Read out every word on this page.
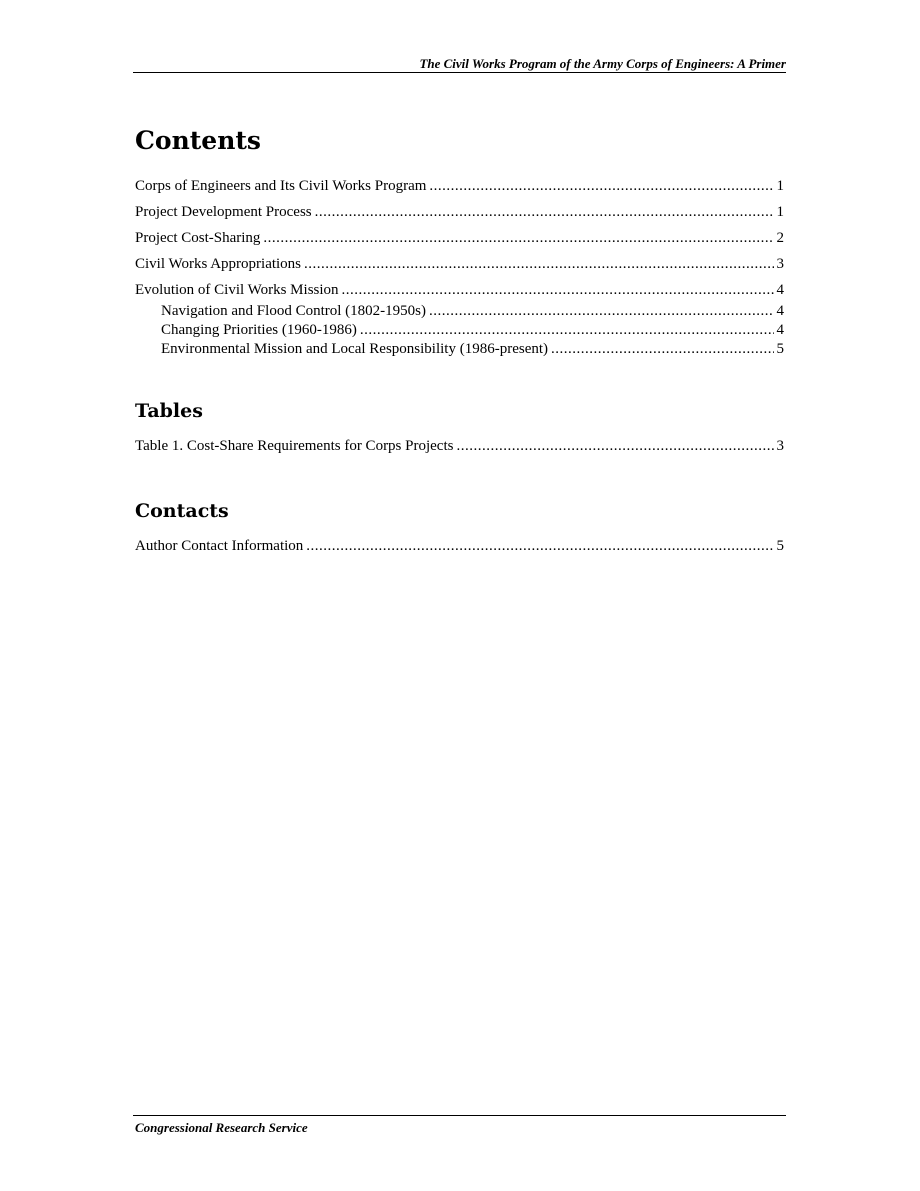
The Civil Works Program of the Army Corps of Engineers: A Primer
Contents
Corps of Engineers and Its Civil Works Program .....	1
Project Development Process .....	1
Project Cost-Sharing .....	2
Civil Works Appropriations .....	3
Evolution of Civil Works Mission .....	4
Navigation and Flood Control (1802-1950s) .....	4
Changing Priorities (1960-1986) .....	4
Environmental Mission and Local Responsibility (1986-present) .....	5
Tables
Table 1. Cost-Share Requirements for Corps Projects .....	3
Contacts
Author Contact Information .....	5
Congressional Research Service
